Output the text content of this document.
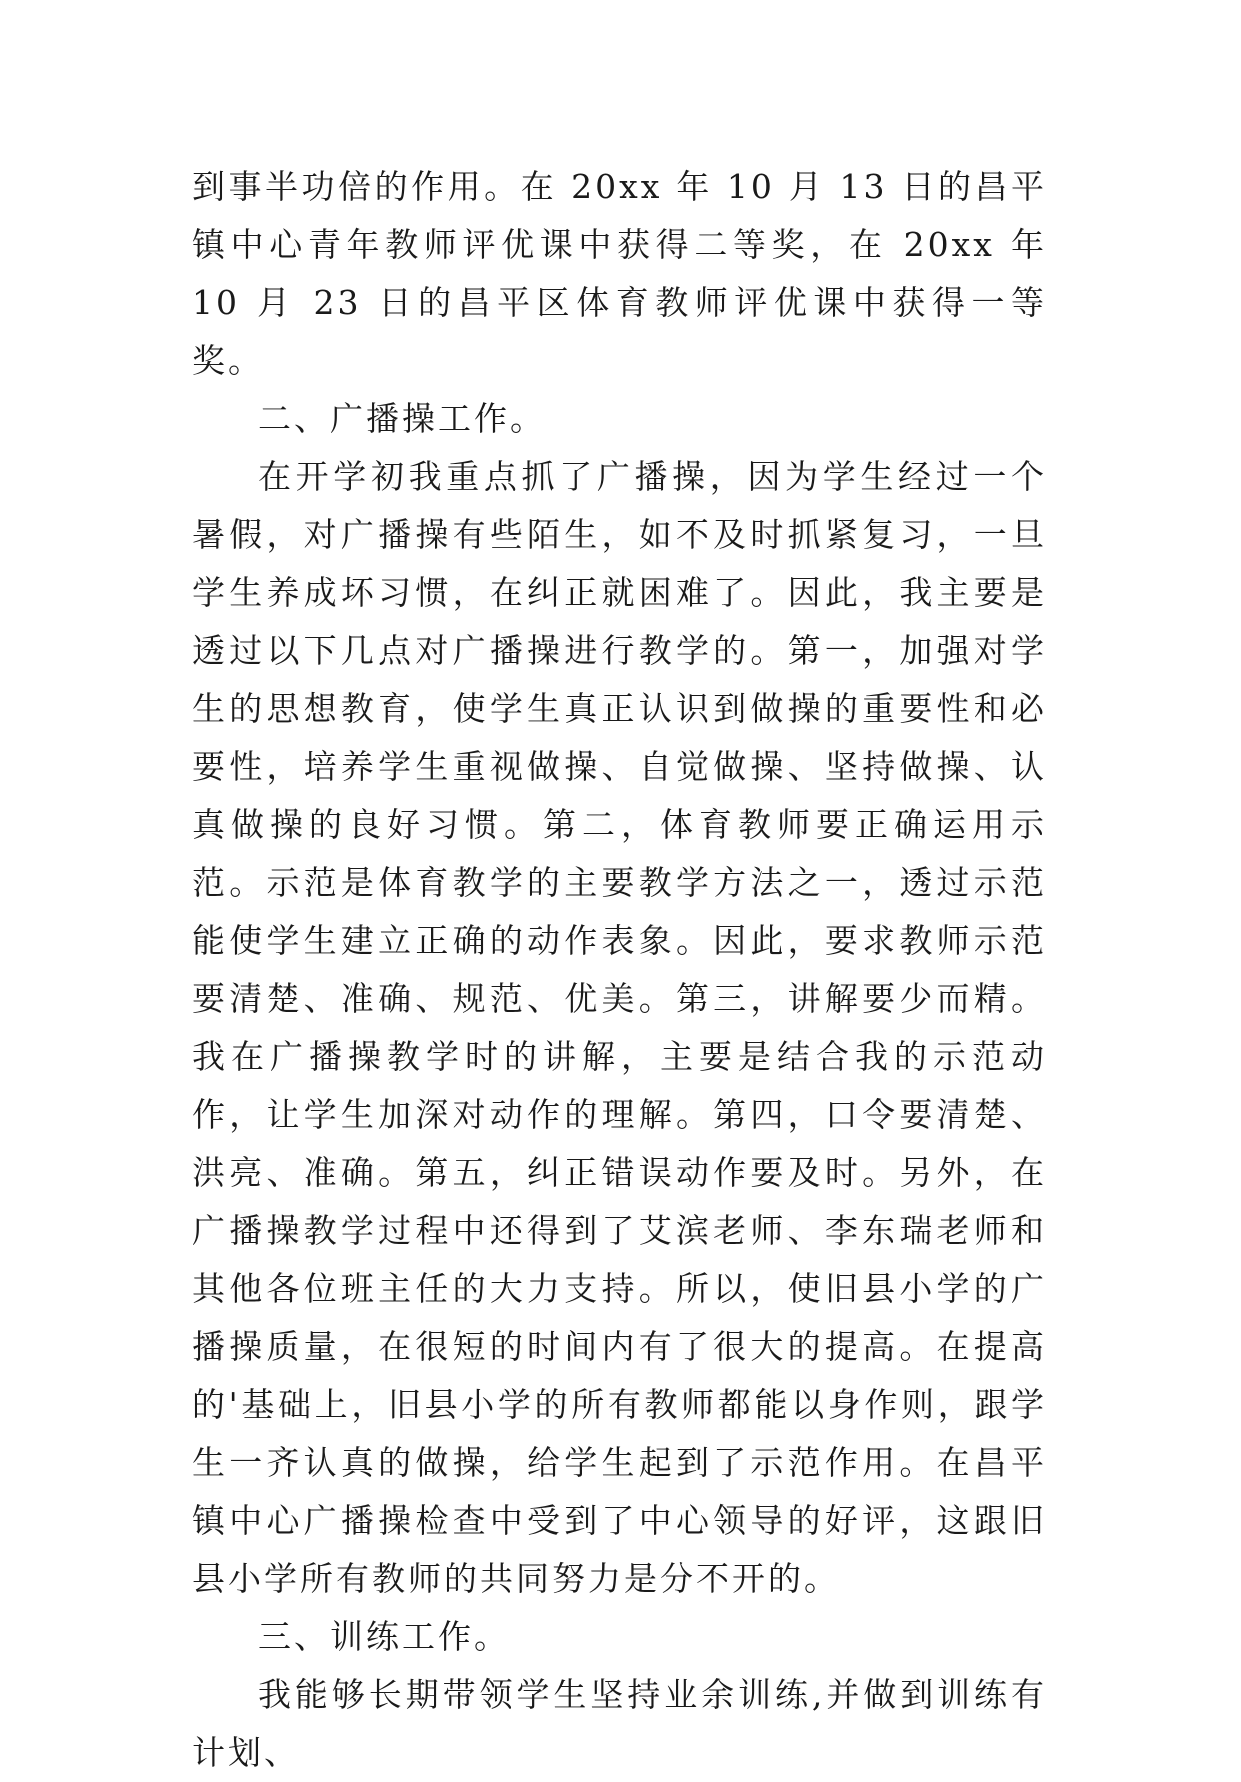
到事半功倍的作用。在 20xx 年 10 月 13 日的昌平镇中心青年教师评优课中获得二等奖，在 20xx 年 10 月 23 日的昌平区体育教师评优课中获得一等奖。

二、广播操工作。

在开学初我重点抓了广播操，因为学生经过一个暑假，对广播操有些陌生，如不及时抓紧复习，一旦学生养成坏习惯，在纠正就困难了。因此，我主要是透过以下几点对广播操进行教学的。第一，加强对学生的思想教育，使学生真正认识到做操的重要性和必要性，培养学生重视做操、自觉做操、坚持做操、认真做操的良好习惯。第二，体育教师要正确运用示范。示范是体育教学的主要教学方法之一，透过示范能使学生建立正确的动作表象。因此，要求教师示范要清楚、准确、规范、优美。第三，讲解要少而精。我在广播操教学时的讲解，主要是结合我的示范动作，让学生加深对动作的理解。第四，口令要清楚、洪亮、准确。第五，纠正错误动作要及时。另外，在广播操教学过程中还得到了艾滨老师、李东瑞老师和其他各位班主任的大力支持。所以，使旧县小学的广播操质量，在很短的时间内有了很大的提高。在提高的'基础上，旧县小学的所有教师都能以身作则，跟学生一齐认真的做操，给学生起到了示范作用。在昌平镇中心广播操检查中受到了中心领导的好评，这跟旧县小学所有教师的共同努力是分不开的。

三、训练工作。

我能够长期带领学生坚持业余训练,并做到训练有计划、
